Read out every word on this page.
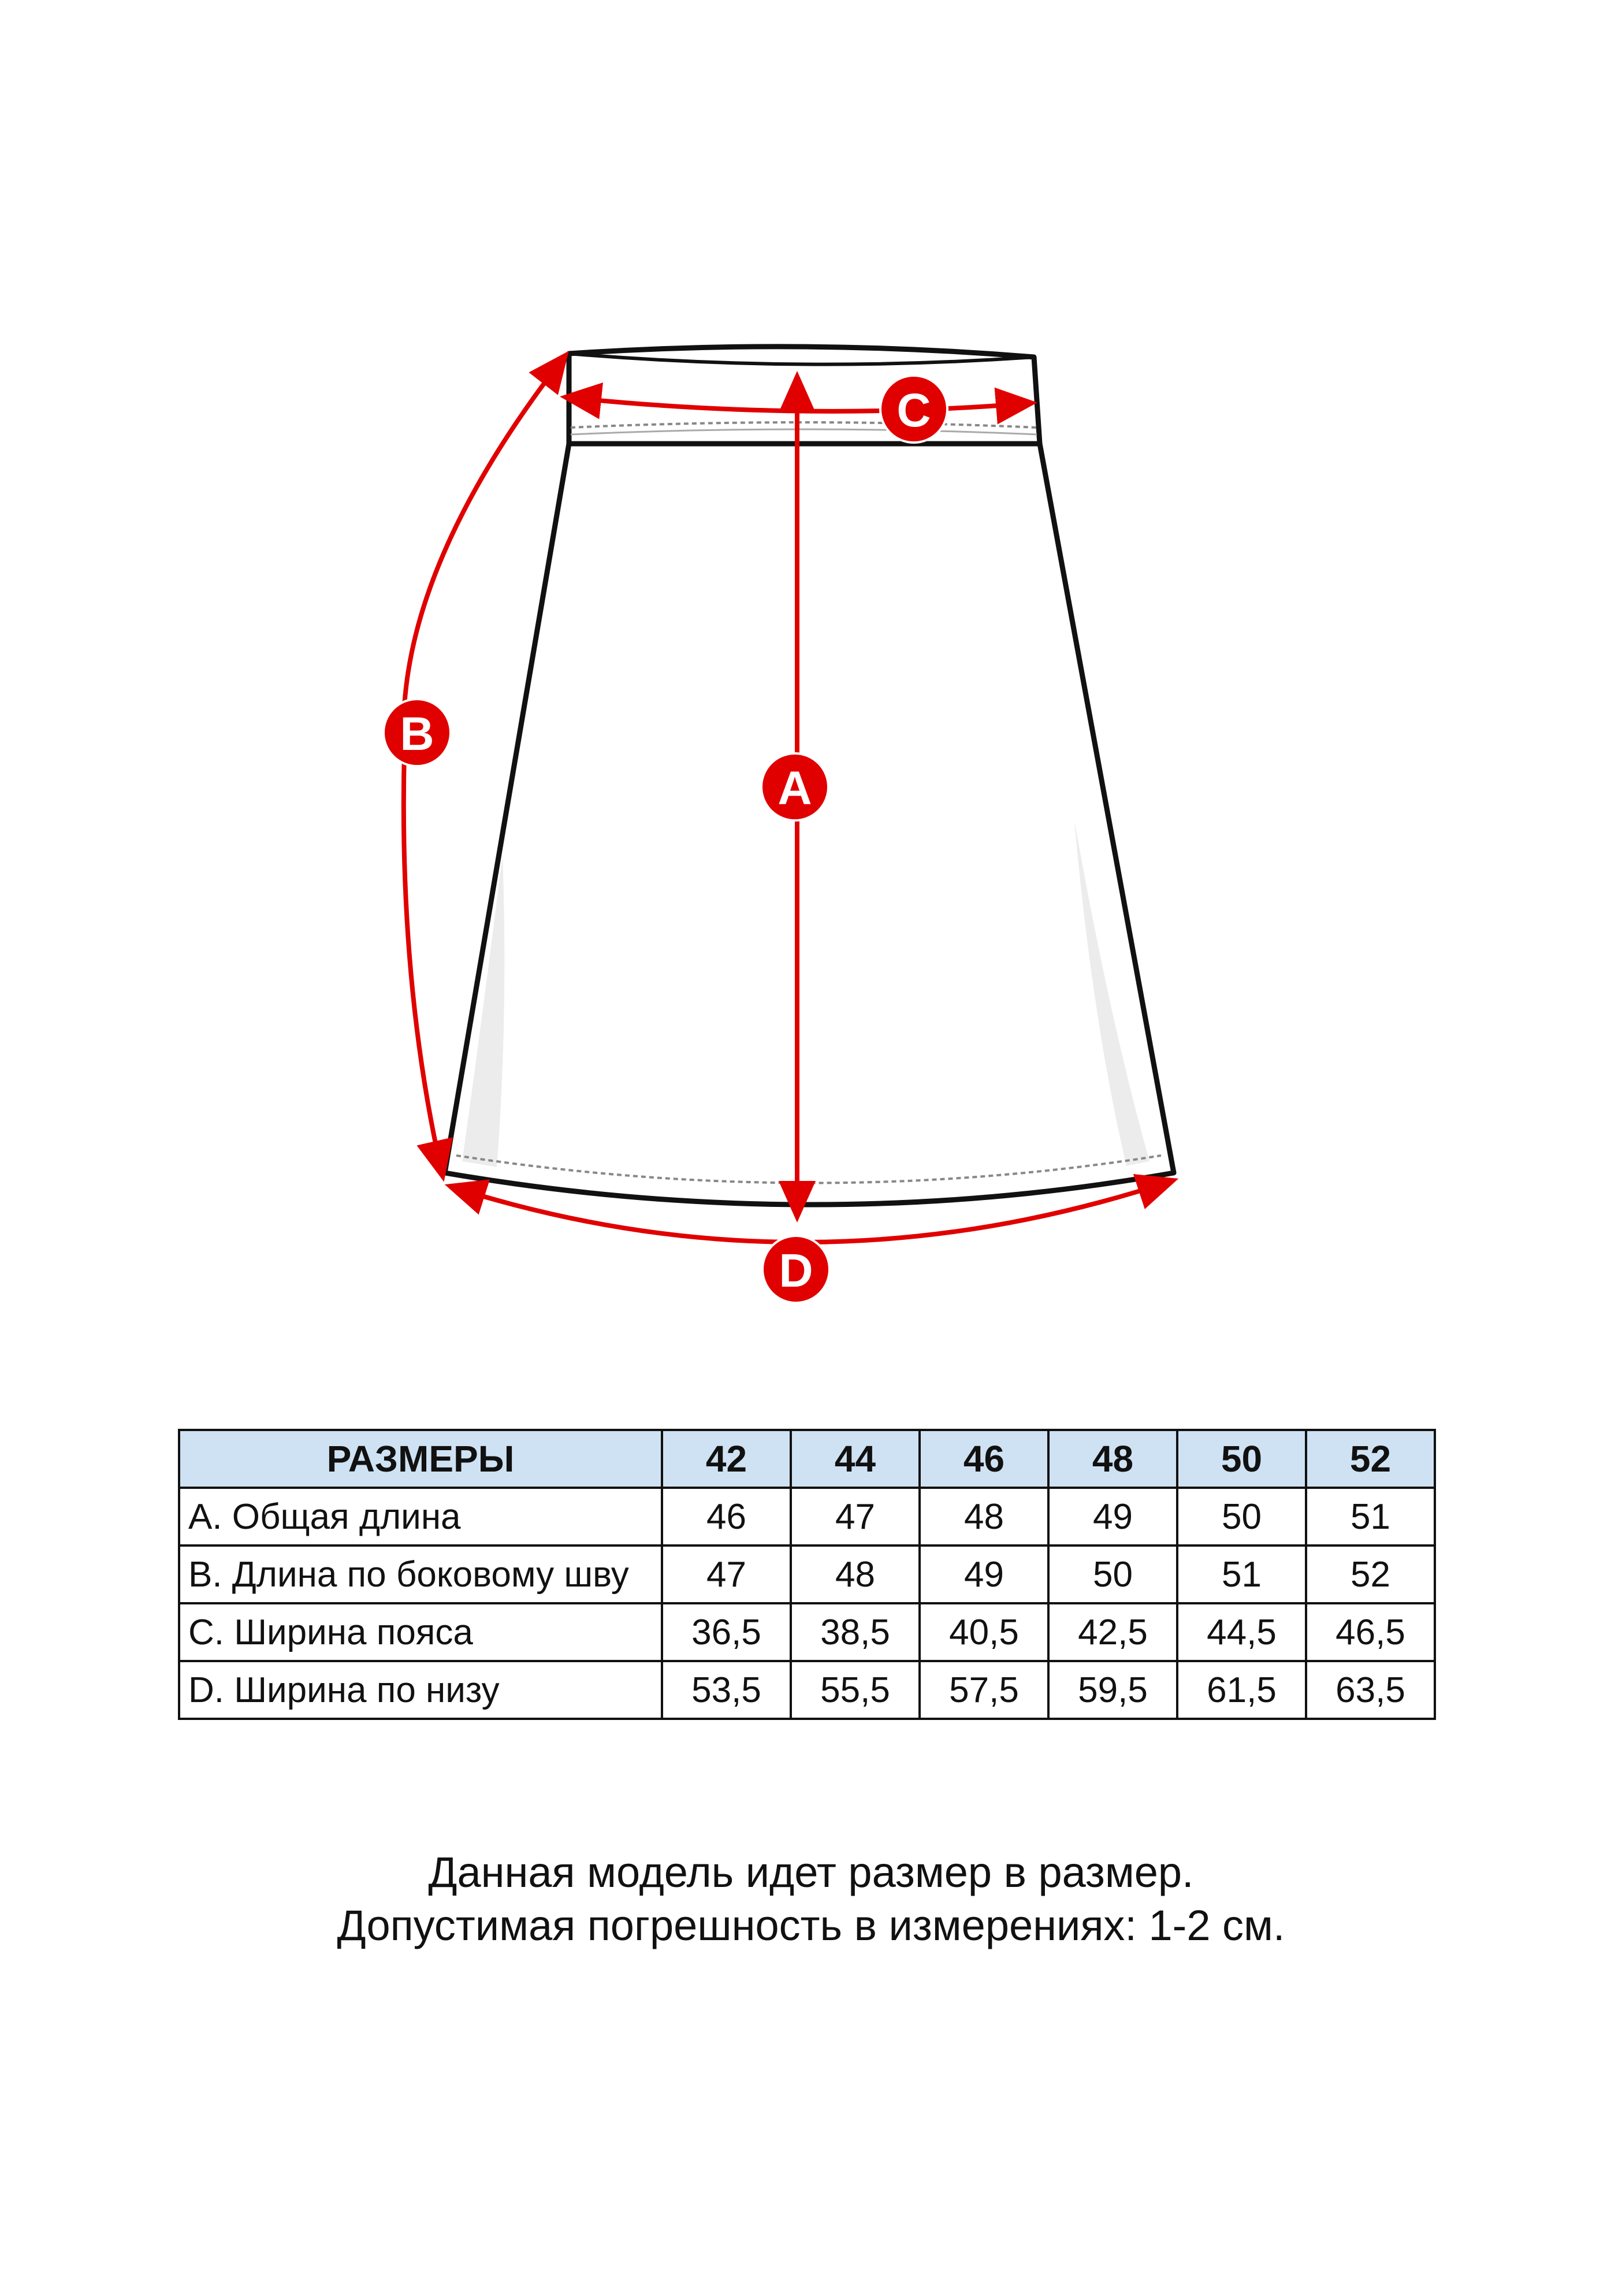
A
B
C
D
РАЗМЕРЫ	42	44	46	48	50	52
A. Общая длина	46	47	48	49	50	51
B. Длина по боковому шву	47	48	49	50	51	52
C. Ширина пояса	36,5	38,5	40,5	42,5	44,5	46,5
D. Ширина по низу	53,5	55,5	57,5	59,5	61,5	63,5
Данная модель идет размер в размер.
Допустимая погрешность в измерениях: 1-2 см.
